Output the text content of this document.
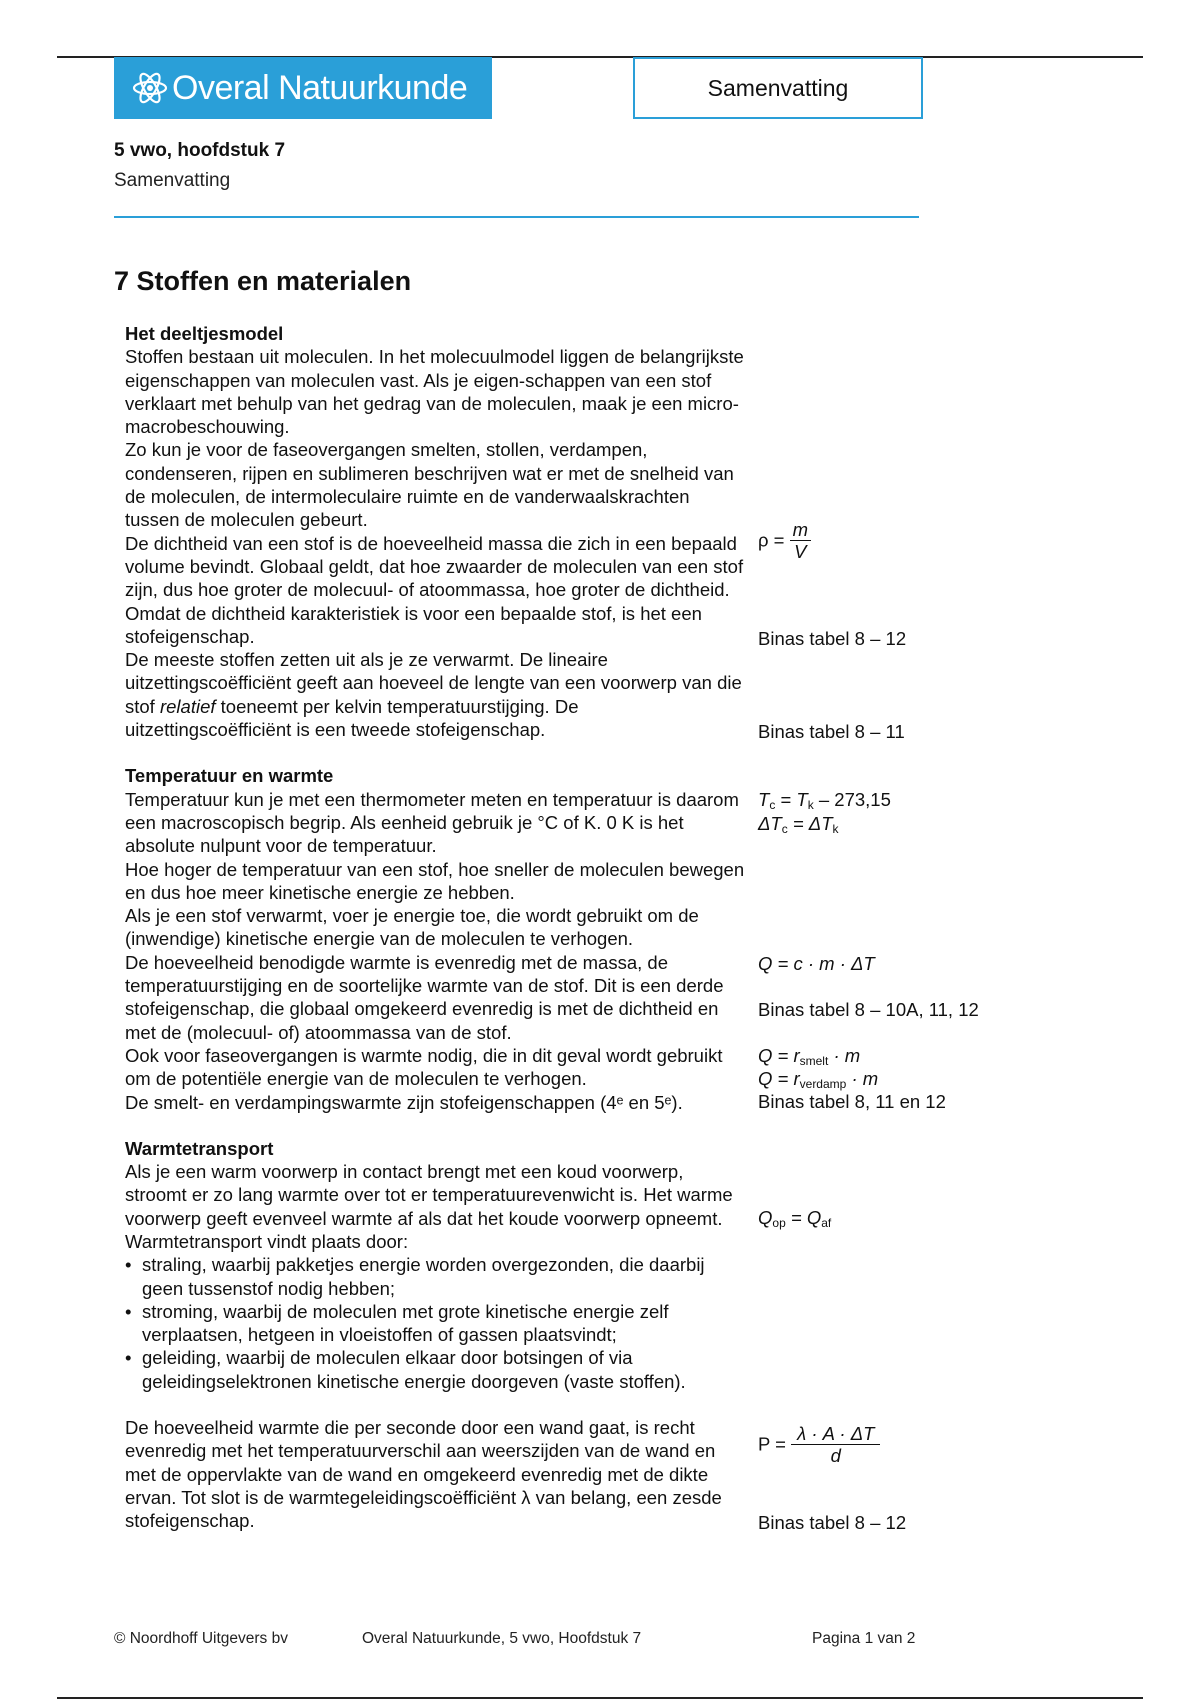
Overal Natuurkunde	Samenvatting
5 vwo, hoofdstuk 7
Samenvatting
7 Stoffen en materialen
Het deeltjesmodel

Stoffen bestaan uit moleculen. In het molecuulmodel liggen de belangrijkste eigenschappen van moleculen vast. Als je eigen-schappen van een stof verklaart met behulp van het gedrag van de moleculen, maak je een micro-macrobeschouwing.

Zo kun je voor de faseovergangen smelten, stollen, verdampen, condenseren, rijpen en sublimeren beschrijven wat er met de snelheid van de moleculen, de intermoleculaire ruimte en de vanderwaalskrachten tussen de moleculen gebeurt.

De dichtheid van een stof is de hoeveelheid massa die zich in een bepaald volume bevindt. Globaal geldt, dat hoe zwaarder de moleculen van een stof zijn, dus hoe groter de molecuul- of atoommassa, hoe groter de dichtheid. Omdat de dichtheid karakteristiek is voor een bepaalde stof, is het een stofeigenschap.

De meeste stoffen zetten uit als je ze verwarmt. De lineaire uitzettingscoëfficiënt geeft aan hoeveel de lengte van een voorwerp van die stof relatief toeneemt per kelvin temperatuurstijging. De uitzettingscoëfficiënt is een tweede stofeigenschap.

Temperatuur en warmte

Temperatuur kun je met een thermometer meten en temperatuur is daarom een macroscopisch begrip. Als eenheid gebruik je °C of K. 0 K is het absolute nulpunt voor de temperatuur.

Hoe hoger de temperatuur van een stof, hoe sneller de moleculen bewegen en dus hoe meer kinetische energie ze hebben.

Als je een stof verwarmt, voer je energie toe, die wordt gebruikt om de (inwendige) kinetische energie van de moleculen te verhogen.

De hoeveelheid benodigde warmte is evenredig met de massa, de temperatuurstijging en de soortelijke warmte van de stof. Dit is een derde stofeigenschap, die globaal omgekeerd evenredig is met de dichtheid en met de (molecuul- of) atoommassa van de stof.

Ook voor faseovergangen is warmte nodig, die in dit geval wordt gebruikt om de potentiële energie van de moleculen te verhogen.

De smelt- en verdampingswarmte zijn stofeigenschappen (4ᵉ en 5ᵉ).

Warmtetransport

Als je een warm voorwerp in contact brengt met een koud voorwerp, stroomt er zo lang warmte over tot er temperatuurevenwicht is. Het warme voorwerp geeft evenveel warmte af als dat het koude voorwerp opneemt.

Warmtetransport vindt plaats door:

• straling, waarbij pakketjes energie worden overgezonden, die daarbij geen tussenstof nodig hebben;
• stroming, waarbij de moleculen met grote kinetische energie zelf verplaatsen, hetgeen in vloeistoffen of gassen plaatsvindt;
• geleiding, waarbij de moleculen elkaar door botsingen of via geleidingselektronen kinetische energie doorgeven (vaste stoffen).

De hoeveelheid warmte die per seconde door een wand gaat, is recht evenredig met het temperatuurverschil aan weerszijden van de wand en met de oppervlakte van de wand en omgekeerd evenredig met de dikte ervan. Tot slot is de warmtegeleidingscoëfficiënt λ van belang, een zesde stofeigenschap.

$\rho = \frac{m}{V}$
Binas tabel 8 – 12
Binas tabel 8 – 11
$T_c = T_k - 273,15$
$\Delta T_c = \Delta T_k$
Q = c · m · ΔT
Binas tabel 8 – 10A, 11, 12
$Q = r_{smelt} \cdot m$
$Q = r_{verdamp} \cdot m$
Binas tabel 8, 11 en 12
$Q_{op} = Q_{af}$
$P = \frac{\lambda \cdot A \cdot \Delta T}{d}$
Binas tabel 8 – 12
© Noordhoff Uitgevers bv	Overal Natuurkunde, 5 vwo, Hoofdstuk 7	Pagina 1 van 2
